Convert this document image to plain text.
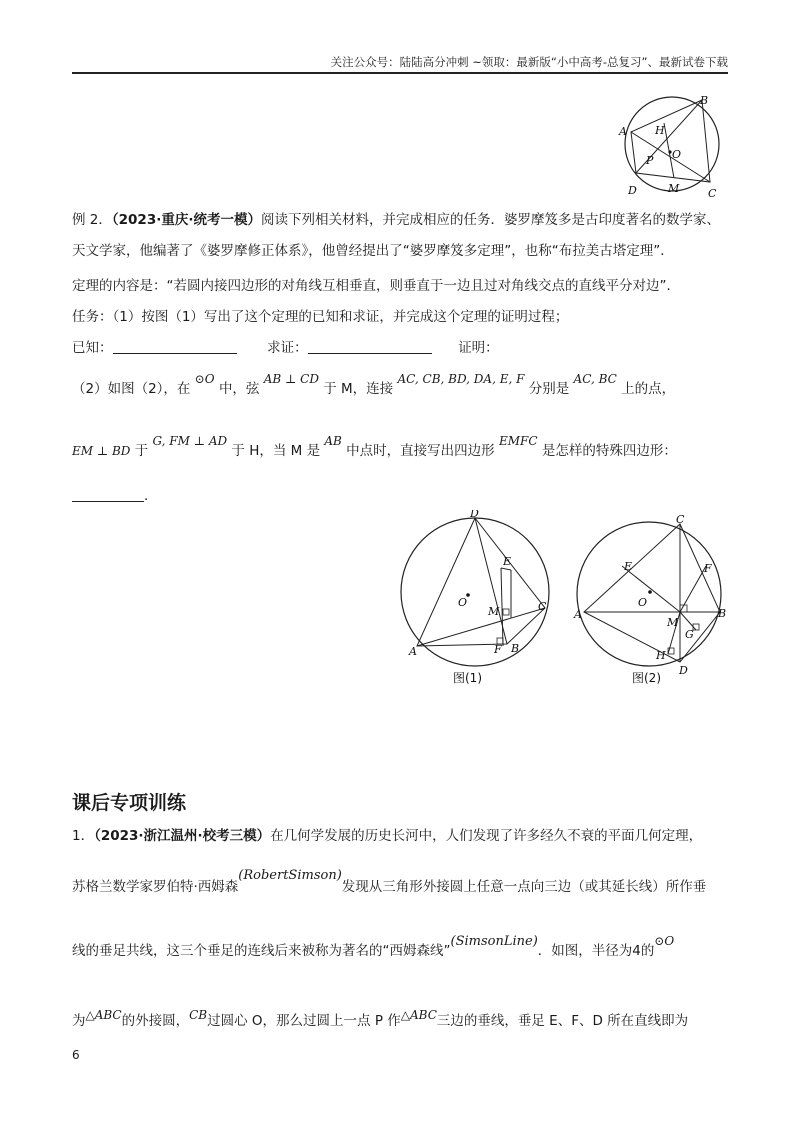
关注公众号：陆陆高分冲刺 ~领取：最新版“小中高考-总复习”、最新试卷下载
A
B
H
O
P
D	M	C
例 2．（2023·重庆·统考一模）阅读下列相关材料，并完成相应的任务．婆罗摩笈多是古印度著名的数学家、
天文学家，他编著了《婆罗摩修正体系》，他曾经提出了“婆罗摩笈多定理”，也称“布拉美古塔定理”．
定理的内容是：“若圆内接四边形的对角线互相垂直，则垂直于一边且过对角线交点的直线平分对边”．
任务：（1）按图（1）写出了这个定理的已知和求证，并完成这个定理的证明过程；
已知：	求证：	证明：
（2）如图（2），在 ⊙O 中，弦 AB ⊥ CD 于 M，连接 AC, CB, BD, DA, E, F 分别是 AC, BC 上的点，
EM ⊥ BD 于 G, FM ⊥ AD 于 H，当 M 是 AB 中点时，直接写出四边形 EMFC 是怎样的特殊四边形：
.
D
E
O
M	C
A	F B
图(1)
C
E	F
A
O
B
M
G
H
D
图(2)
课后专项训练
1．（2023·浙江温州·校考三模）在几何学发展的历史长河中，人们发现了许多经久不衰的平面几何定理，
苏格兰数学家罗伯特·西姆森(RobertSimson)发现从三角形外接圆上任意一点向三边（或其延长线）所作垂
线的垂足共线，这三个垂足的连线后来被称为著名的“西姆森线”(SimsonLine)．如图，半径为4的⊙O
为△ABC的外接圆，CB过圆心 O，那么过圆上一点 P 作△ABC三边的垂线，垂足 E、F、D 所在直线即为
6
